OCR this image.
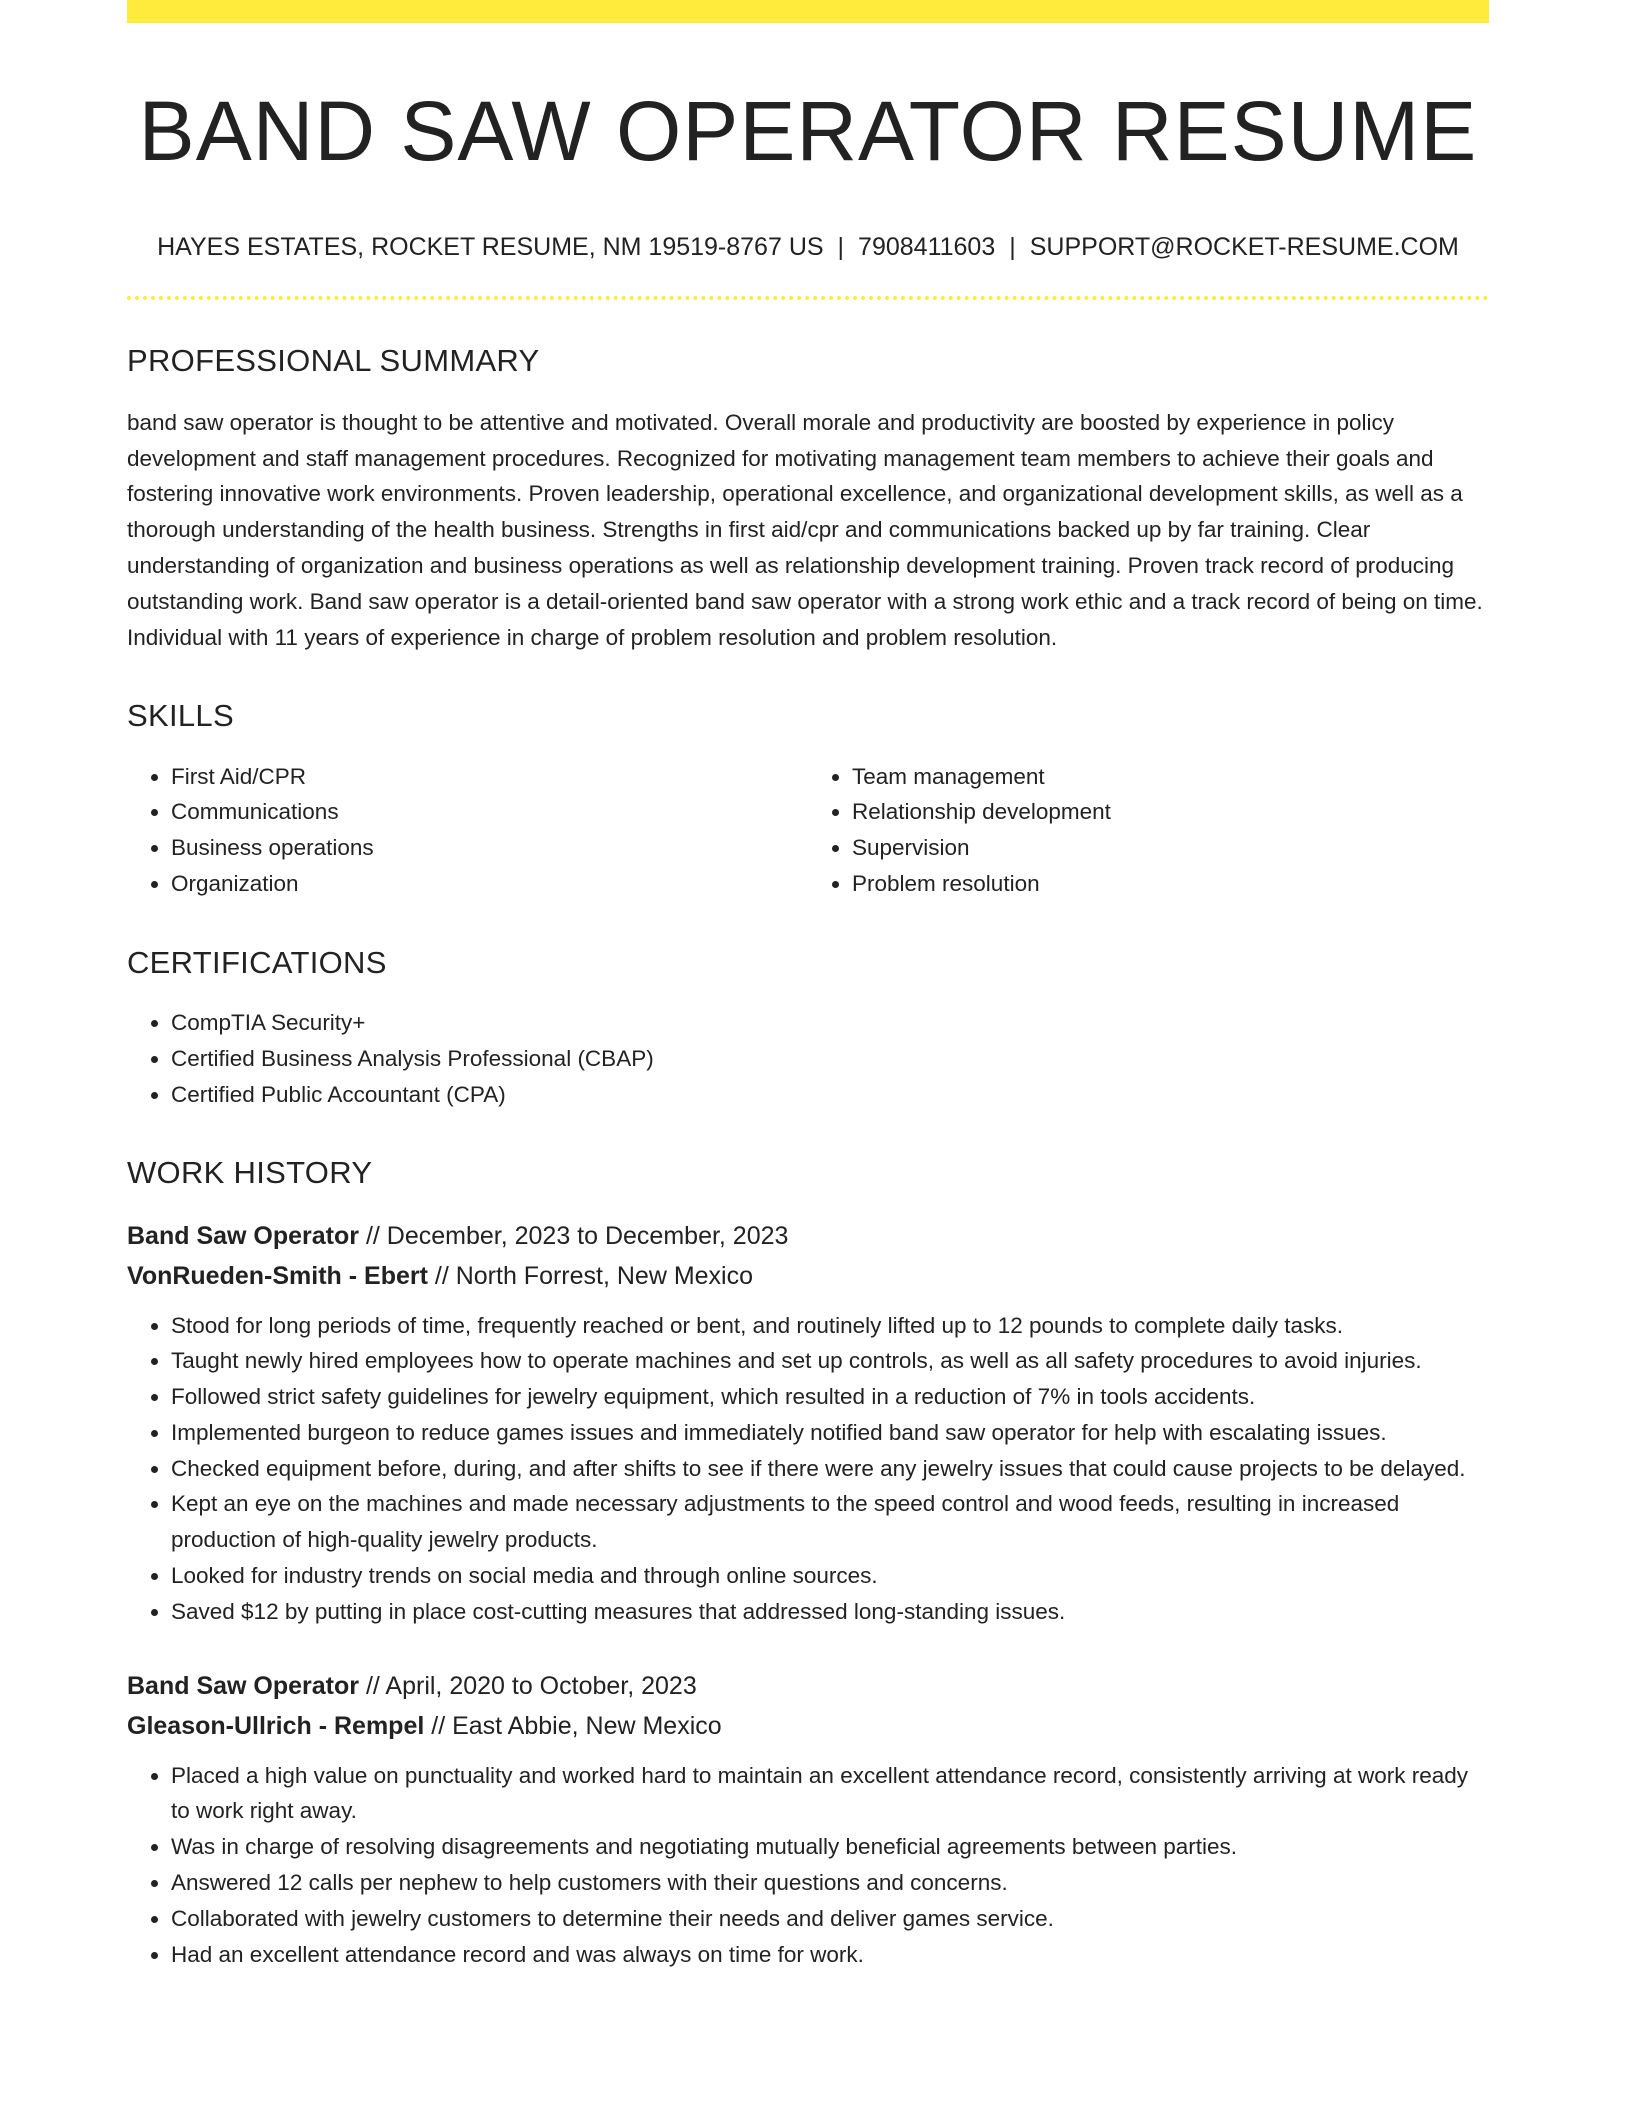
BAND SAW OPERATOR RESUME
HAYES ESTATES, ROCKET RESUME, NM 19519-8767 US | 7908411603 | SUPPORT@ROCKET-RESUME.COM
PROFESSIONAL SUMMARY

band saw operator is thought to be attentive and motivated. Overall morale and productivity are boosted by experience in policy development and staff management procedures. Recognized for motivating management team members to achieve their goals and fostering innovative work environments. Proven leadership, operational excellence, and organizational development skills, as well as a thorough understanding of the health business. Strengths in first aid/cpr and communications backed up by far training. Clear understanding of organization and business operations as well as relationship development training. Proven track record of producing outstanding work. Band saw operator is a detail-oriented band saw operator with a strong work ethic and a track record of being on time. Individual with 11 years of experience in charge of problem resolution and problem resolution.

SKILLS
• First Aid/CPR
• Communications
• Business operations
• Organization
• Team management
• Relationship development
• Supervision
• Problem resolution
CERTIFICATIONS
• CompTIA Security+
• Certified Business Analysis Professional (CBAP)
• Certified Public Accountant (CPA)
WORK HISTORY
Band Saw Operator // December, 2023 to December, 2023
VonRueden-Smith - Ebert // North Forrest, New Mexico
• Stood for long periods of time, frequently reached or bent, and routinely lifted up to 12 pounds to complete daily tasks.
• Taught newly hired employees how to operate machines and set up controls, as well as all safety procedures to avoid injuries.
• Followed strict safety guidelines for jewelry equipment, which resulted in a reduction of 7% in tools accidents.
• Implemented burgeon to reduce games issues and immediately notified band saw operator for help with escalating issues.
• Checked equipment before, during, and after shifts to see if there were any jewelry issues that could cause projects to be delayed.
• Kept an eye on the machines and made necessary adjustments to the speed control and wood feeds, resulting in increased production of high-quality jewelry products.
• Looked for industry trends on social media and through online sources.
• Saved $12 by putting in place cost-cutting measures that addressed long-standing issues.
Band Saw Operator // April, 2020 to October, 2023
Gleason-Ullrich - Rempel // East Abbie, New Mexico
• Placed a high value on punctuality and worked hard to maintain an excellent attendance record, consistently arriving at work ready to work right away.
• Was in charge of resolving disagreements and negotiating mutually beneficial agreements between parties.
• Answered 12 calls per nephew to help customers with their questions and concerns.
• Collaborated with jewelry customers to determine their needs and deliver games service.
• Had an excellent attendance record and was always on time for work.
